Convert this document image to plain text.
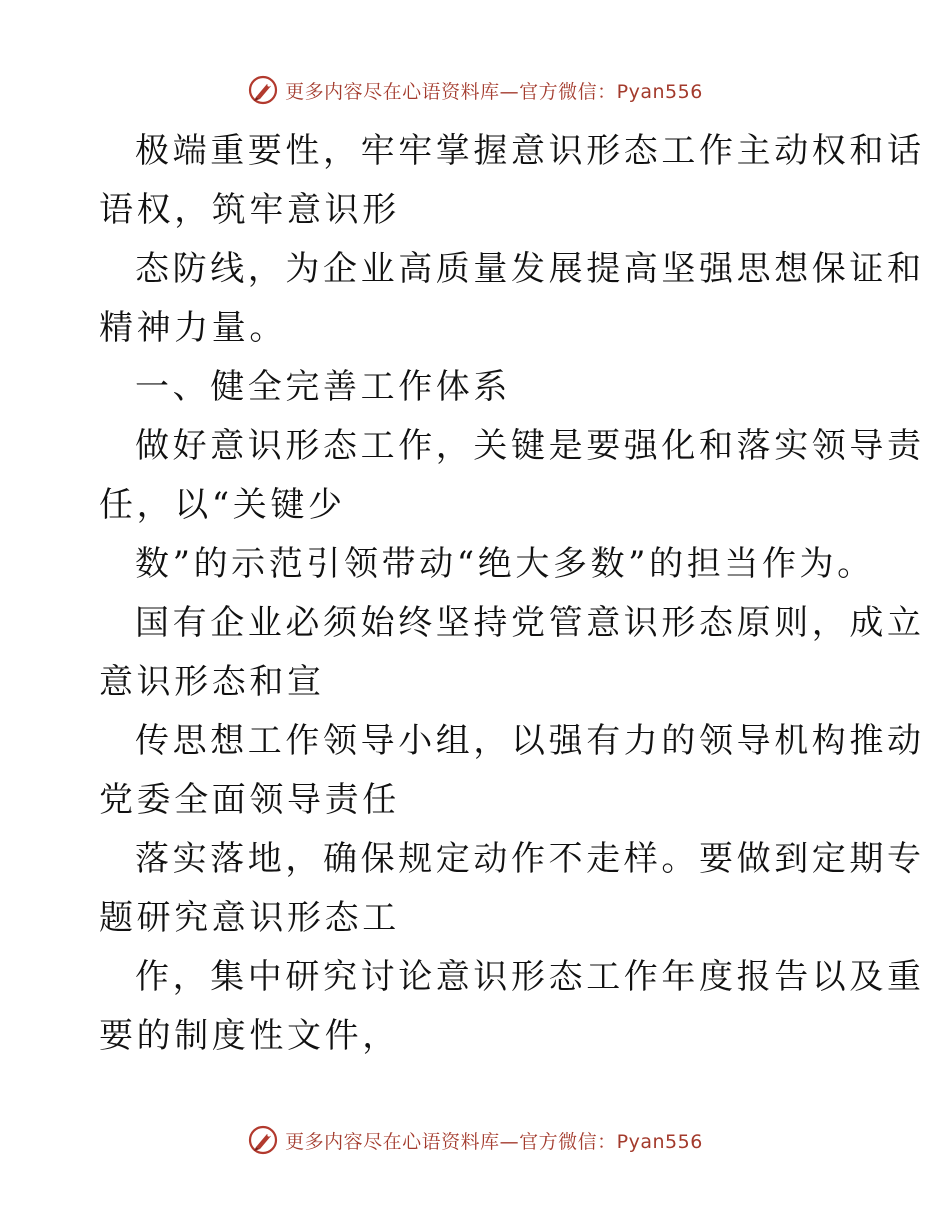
更多内容尽在心语资料库—官方微信：Pyan556
极端重要性，牢牢掌握意识形态工作主动权和话
语权，筑牢意识形
态防线，为企业高质量发展提高坚强思想保证和
精神力量。
一、健全完善工作体系
做好意识形态工作，关键是要强化和落实领导责
任，以“关键少
数”的示范引领带动“绝大多数”的担当作为。
国有企业必须始终坚持党管意识形态原则，成立
意识形态和宣
传思想工作领导小组，以强有力的领导机构推动
党委全面领导责任
落实落地，确保规定动作不走样。要做到定期专
题研究意识形态工
作，集中研究讨论意识形态工作年度报告以及重
要的制度性文件，
更多内容尽在心语资料库—官方微信：Pyan556
